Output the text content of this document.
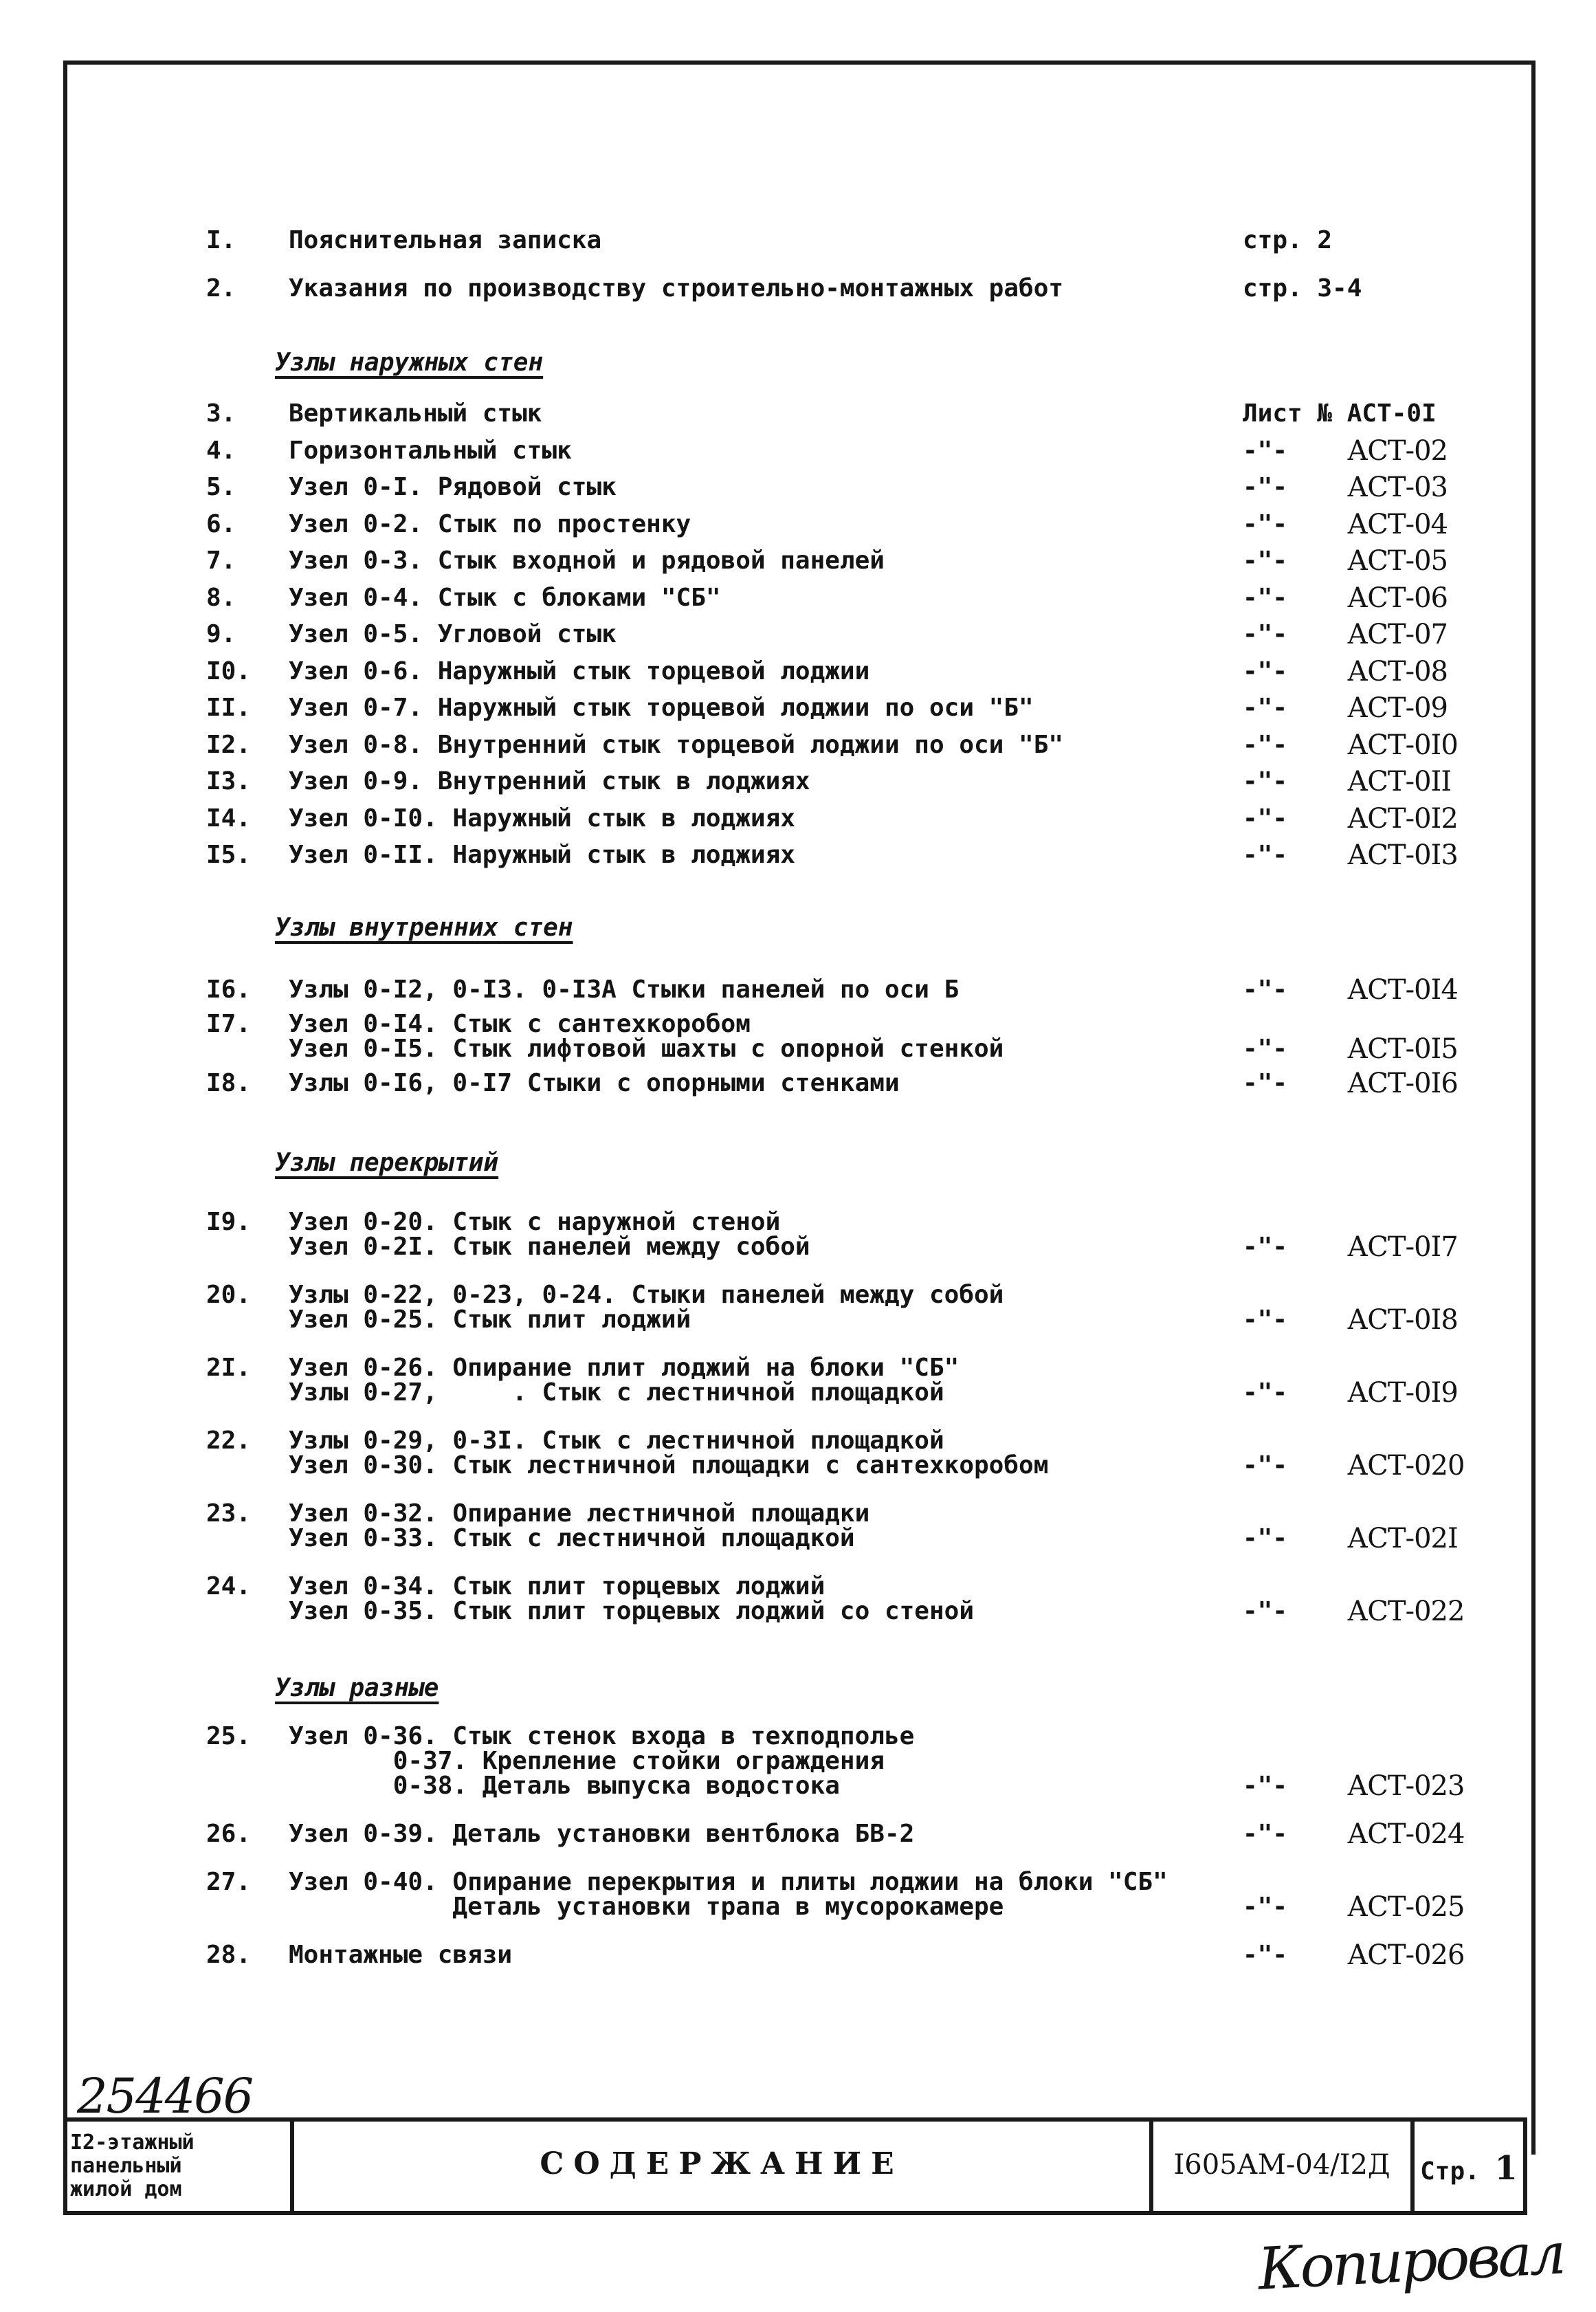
I. Пояснительная записка	стр. 2
2. Указания по производству строительно-монтажных работ	стр. 3-4
Узлы наружных стен
3. Вертикальный стык	Лист № АСТ-0I
4. Горизонтальный стык	-"- АСТ-02
5. Узел 0-I. Рядовой стык	-"- АСТ-03
6. Узел 0-2. Стык по простенку	-"- АСТ-04
7. Узел 0-3. Стык входной и рядовой панелей	-"- АСТ-05
8. Узел 0-4. Стык с блоками "СБ"	-"- АСТ-06
9. Узел 0-5. Угловой стык	-"- АСТ-07
I0. Узел 0-6. Наружный стык торцевой лоджии	-"- АСТ-08
II. Узел 0-7. Наружный стык торцевой лоджии по оси "Б"	-"- АСТ-09
I2. Узел 0-8. Внутренний стык торцевой лоджии по оси "Б"	-"- АСТ-0I0
I3. Узел 0-9. Внутренний стык в лоджиях	-"- АСТ-0II
I4. Узел 0-I0. Наружный стык в лоджиях	-"- АСТ-0I2
I5. Узел 0-II. Наружный стык в лоджиях	-"- АСТ-0I3
Узлы внутренних стен
I6. Узлы 0-I2, 0-I3. 0-I3А Стыки панелей по оси Б	-"- АСТ-0I4
I7. Узел 0-I4. Стык с сантехкоробом
Узел 0-I5. Стык лифтовой шахты с опорной стенкой	-"- АСТ-0I5
I8. Узлы 0-I6, 0-I7 Стыки с опорными стенками	-"- АСТ-0I6
Узлы перекрытий
I9. Узел 0-20. Стык с наружной стеной
Узел 0-2I. Стык панелей между собой	-"- АСТ-0I7
20. Узлы 0-22, 0-23, 0-24. Стыки панелей между собой
Узел 0-25. Стык плит лоджий	-"- АСТ-0I8
2I. Узел 0-26. Опирание плит лоджий на блоки "СБ"
Узлы 0-27,     . Стык с лестничной площадкой	-"- АСТ-0I9
22. Узлы 0-29, 0-3I. Стык с лестничной площадкой
Узел 0-30. Стык лестничной площадки с сантехкоробом	-"- АСТ-020
23. Узел 0-32. Опирание лестничной площадки
Узел 0-33. Стык с лестничной площадкой	-"- АСТ-02I
24. Узел 0-34. Стык плит торцевых лоджий
Узел 0-35. Стык плит торцевых лоджий со стеной	-"- АСТ-022
Узлы разные
25. Узел 0-36. Стык стенок входа в техподполье
0-37. Крепление стойки ограждения
0-38. Деталь выпуска водостока	-"- АСТ-023
26. Узел 0-39. Деталь установки вентблока БВ-2	-"- АСТ-024
27. Узел 0-40. Опирание перекрытия и плиты лоджии на блоки "СБ"
Деталь установки трапа в мусорокамере	-"- АСТ-025
28. Монтажные связи	-"- АСТ-026
254466
I2-этажный
панельный
жилой дом
СОДЕРЖАНИЕ	I605АМ-04/I2Д	Стр. 1
Копировал
